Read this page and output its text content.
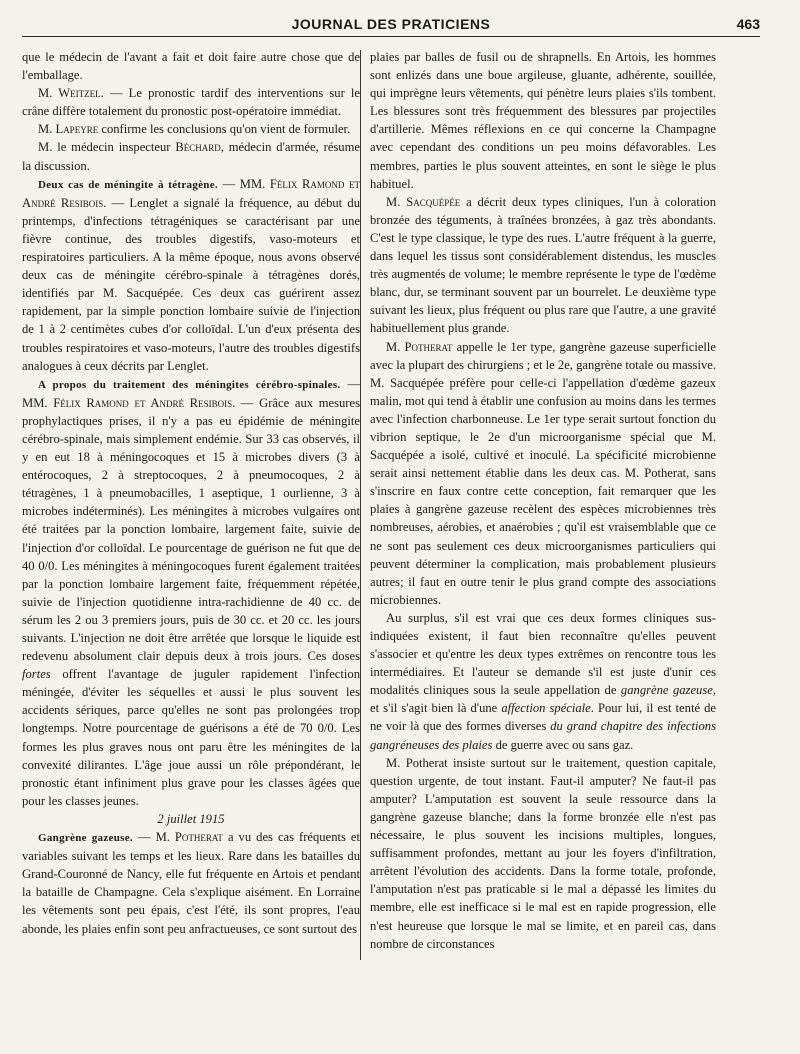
JOURNAL DES PRATICIENS	463

que le médecin de l'avant a fait et doit faire autre chose que de l'emballage.

M. Weitzel. — Le pronostic tardif des interventions sur le crâne diffère totalement du pronostic post-opératoire immédiat.

M. Lapeyre confirme les conclusions qu'on vient de formuler.

M. le médecin inspecteur Béchard, médecin d'armée, résume la discussion.

Deux cas de méningite à tétragène. — MM. Félix Ramond et André Resibois. — Lenglet a signalé la fréquence, au début du printemps, d'infections tétragéniques se caractérisant par une fièvre continue, des troubles digestifs, vaso-moteurs et respiratoires particuliers. A la même époque, nous avons observé deux cas de méningite cérébro-spinale à tétragènes dorés, identifiés par M. Sacquépée. Ces deux cas guérirent assez rapidement, par la simple ponction lombaire suivie de l'injection de 1 à 2 centimètes cubes d'or colloïdal. L'un d'eux présenta des troubles respiratoires et vaso-moteurs, l'autre des troubles digestifs analogues à ceux décrits par Lenglet.

A propos du traitement des méningites cérébro-spinales. — MM. Félix Ramond et André Resibois. — Grâce aux mesures prophylactiques prises, il n'y a pas eu épidémie de méningite cérébro-spinale, mais simplement endémie. Sur 33 cas observés, il y en eut 18 à méningocoques et 15 à microbes divers (3 à entérocoques, 2 à streptocoques, 2 à pneumocoques, 2 à tétragènes, 1 à pneumobacilles, 1 aseptique, 1 ourlienne, 3 à microbes indéterminés). Les méningites à microbes vulgaires ont été traitées par la ponction lombaire, largement faite, suivie de l'injection d'or colloïdal. Le pourcentage de guérison ne fut que de 40 0/0. Les méningites à méningocoques furent également traitées par la ponction lombaire largement faite, fréquemment répétée, suivie de l'injection quotidienne intra-rachidienne de 40 cc. de sérum les 2 ou 3 premiers jours, puis de 30 cc. et 20 cc. les jours suivants. L'injection ne doit être arrêtée que lorsque le liquide est redevenu absolument clair depuis deux à trois jours. Ces doses fortes offrent l'avantage de juguler rapidement l'infection méningée, d'éviter les séquelles et aussi le plus souvent les accidents sériques, parce qu'elles ne sont pas prolongées trop longtemps. Notre pourcentage de guérisons a été de 70 0/0. Les formes les plus graves nous ont paru être les méningites de la convexité dilirantes. L'âge joue aussi un rôle prépondérant, le pronostic étant infiniment plus grave pour les classes âgées que pour les classes jeunes.

2 juillet 1915

Gangrène gazeuse. — M. Potherat a vu des cas fréquents et variables suivant les temps et les lieux. Rare dans les batailles du Grand-Couronné de Nancy, elle fut fréquente en Artois et pendant la bataille de Champagne. Cela s'explique aisément. En Lorraine les vêtements sont peu épais, c'est l'été, ils sont propres, l'eau abonde, les plaies enfin sont peu anfractueuses, ce sont surtout des

plaies par balles de fusil ou de shrapnells. En Artois, les hommes sont enlizés dans une boue argileuse, gluante, adhérente, souillée, qui imprègne leurs vêtements, qui pénètre leurs plaies s'ils tombent. Les blessures sont très fréquemment des blessures par projectiles d'artillerie. Mêmes réflexions en ce qui concerne la Champagne avec cependant des conditions un peu moins défavorables. Les membres, parties le plus souvent atteintes, en sont le siège le plus habituel.

M. Sacquépée a décrit deux types cliniques, l'un à coloration bronzée des téguments, à traînées bronzées, à gaz très abondants. C'est le type classique, le type des rues. L'autre fréquent à la guerre, dans lequel les tissus sont considérablement distendus, les muscles très augmentés de volume; le membre représente le type de l'œdème blanc, dur, se terminant souvent par un bourrelet. Le deuxième type suivant les lieux, plus fréquent ou plus rare que l'autre, a une gravité habituellement plus grande.

M. Potherat appelle le 1er type, gangrène gazeuse superficielle avec la plupart des chirurgiens ; et le 2e, gangrène totale ou massive. M. Sacquépée préfère pour celle-ci l'appellation d'œdème gazeux malin, mot qui tend à établir une confusion au moins dans les termes avec l'infection charbonneuse. Le 1er type serait surtout fonction du vibrion septique, le 2e d'un microorganisme spécial que M. Sacquépée a isolé, cultivé et inoculé. La spécificité microbienne serait ainsi nettement établie dans les deux cas. M. Potherat, sans s'inscrire en faux contre cette conception, fait remarquer que les plaies à gangrène gazeuse recèlent des espèces microbiennes très nombreuses, aérobies, et anaérobies ; qu'il est vraisemblable que ce ne sont pas seulement ces deux microorganismes particuliers qui peuvent déterminer la complication, mais probablement plusieurs autres; il faut en outre tenir le plus grand compte des associations microbiennes.

Au surplus, s'il est vrai que ces deux formes cliniques sus-indiquées existent, il faut bien reconnaître qu'elles peuvent s'associer et qu'entre les deux types extrêmes on rencontre tous les intermédiaires. Et l'auteur se demande s'il est juste d'unir ces modalités cliniques sous la seule appellation de gangrène gazeuse, et s'il s'agit bien là d'une affection spéciale. Pour lui, il est tenté de ne voir là que des formes diverses du grand chapitre des infections gangréneuses des plaies de guerre avec ou sans gaz.

M. Potherat insiste surtout sur le traitement, question capitale, question urgente, de tout instant. Faut-il amputer? Ne faut-il pas amputer? L'amputation est souvent la seule ressource dans la gangrène gazeuse blanche; dans la forme bronzée elle n'est pas nécessaire, le plus souvent les incisions multiples, longues, suffisamment profondes, mettant au jour les foyers d'infiltration, arrêtent l'évolution des accidents. Dans la forme totale, profonde, l'amputation n'est pas praticable si le mal a dépassé les limites du membre, elle est inefficace si le mal est en rapide progression, elle n'est heureuse que lorsque le mal se limite, et en pareil cas, dans nombre de circonstances
